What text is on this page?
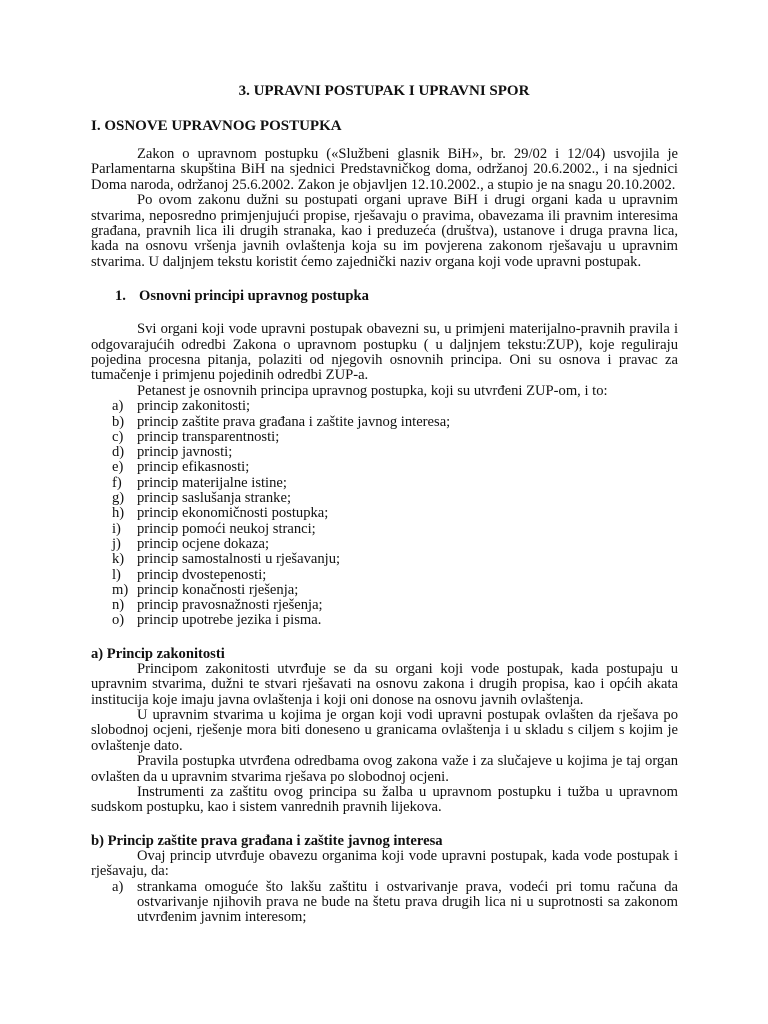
3. UPRAVNI POSTUPAK I UPRAVNI SPOR
I. OSNOVE UPRAVNOG POSTUPKA

Zakon o upravnom postupku («Službeni glasnik BiH», br. 29/02 i 12/04) usvojila je Parlamentarna skupština BiH na sjednici Predstavničkog doma, održanoj 20.6.2002., i na sjednici Doma naroda, održanoj 25.6.2002. Zakon je objavljen 12.10.2002., a stupio je na snagu 20.10.2002.

Po ovom zakonu dužni su postupati organi uprave BiH i drugi organi kada u upravnim stvarima, neposredno primjenjujući propise, rješavaju o pravima, obavezama ili pravnim interesima građana, pravnih lica ili drugih stranaka, kao i preduzeća (društva), ustanove i druga pravna lica, kada na osnovu vršenja javnih ovlaštenja koja su im povjerena zakonom rješavaju u upravnim stvarima. U daljnjem tekstu koristit ćemo zajednički naziv organa koji vode upravni postupak.

1. Osnovni principi upravnog postupka

Svi organi koji vode upravni postupak obavezni su, u primjeni materijalno-pravnih pravila i odgovarajućih odredbi Zakona o upravnom postupku ( u daljnjem tekstu:ZUP), koje reguliraju pojedina procesna pitanja, polaziti od njegovih osnovnih principa. Oni su osnova i pravac za tumačenje i primjenu pojedinih odredbi ZUP-a.

Petanest je osnovnih principa upravnog postupka, koji su utvrđeni ZUP-om, i to:

a) princip zakonitosti;
b) princip zaštite prava građana i zaštite javnog interesa;
c) princip transparentnosti;
d) princip javnosti;
e) princip efikasnosti;
f) princip materijalne istine;
g) princip saslušanja stranke;
h) princip ekonomičnosti postupka;
i) princip pomoći neukoj stranci;
j) princip ocjene dokaza;
k) princip samostalnosti u rješavanju;
l) princip dvostepenosti;
m) princip konačnosti rješenja;
n) princip pravosnažnosti rješenja;
o) princip upotrebe jezika i pisma.
a) Princip zakonitosti

Principom zakonitosti utvrđuje se da su organi koji vode postupak, kada postupaju u upravnim stvarima, dužni te stvari rješavati na osnovu zakona i drugih propisa, kao i općih akata institucija koje imaju javna ovlaštenja i koji oni donose na osnovu javnih ovlaštenja.

U upravnim stvarima u kojima je organ koji vodi upravni postupak ovlašten da rješava po slobodnoj ocjeni, rješenje mora biti doneseno u granicama ovlaštenja i u skladu s ciljem s kojim je ovlaštenje dato.

Pravila postupka utvrđena odredbama ovog zakona važe i za slučajeve u kojima je taj organ ovlašten da u upravnim stvarima rješava po slobodnoj ocjeni.

Instrumenti za zaštitu ovog principa su žalba u upravnom postupku i tužba u upravnom sudskom postupku, kao i sistem vanrednih pravnih lijekova.

b) Princip zaštite prava građana i zaštite javnog interesa

Ovaj princip utvrđuje obavezu organima koji vode upravni postupak, kada vode postupak i rješavaju, da:

a) strankama omoguće što lakšu zaštitu i ostvarivanje prava, vodeći pri tomu računa da ostvarivanje njihovih prava ne bude na štetu prava drugih lica ni u suprotnosti sa zakonom utvrđenim javnim interesom;
